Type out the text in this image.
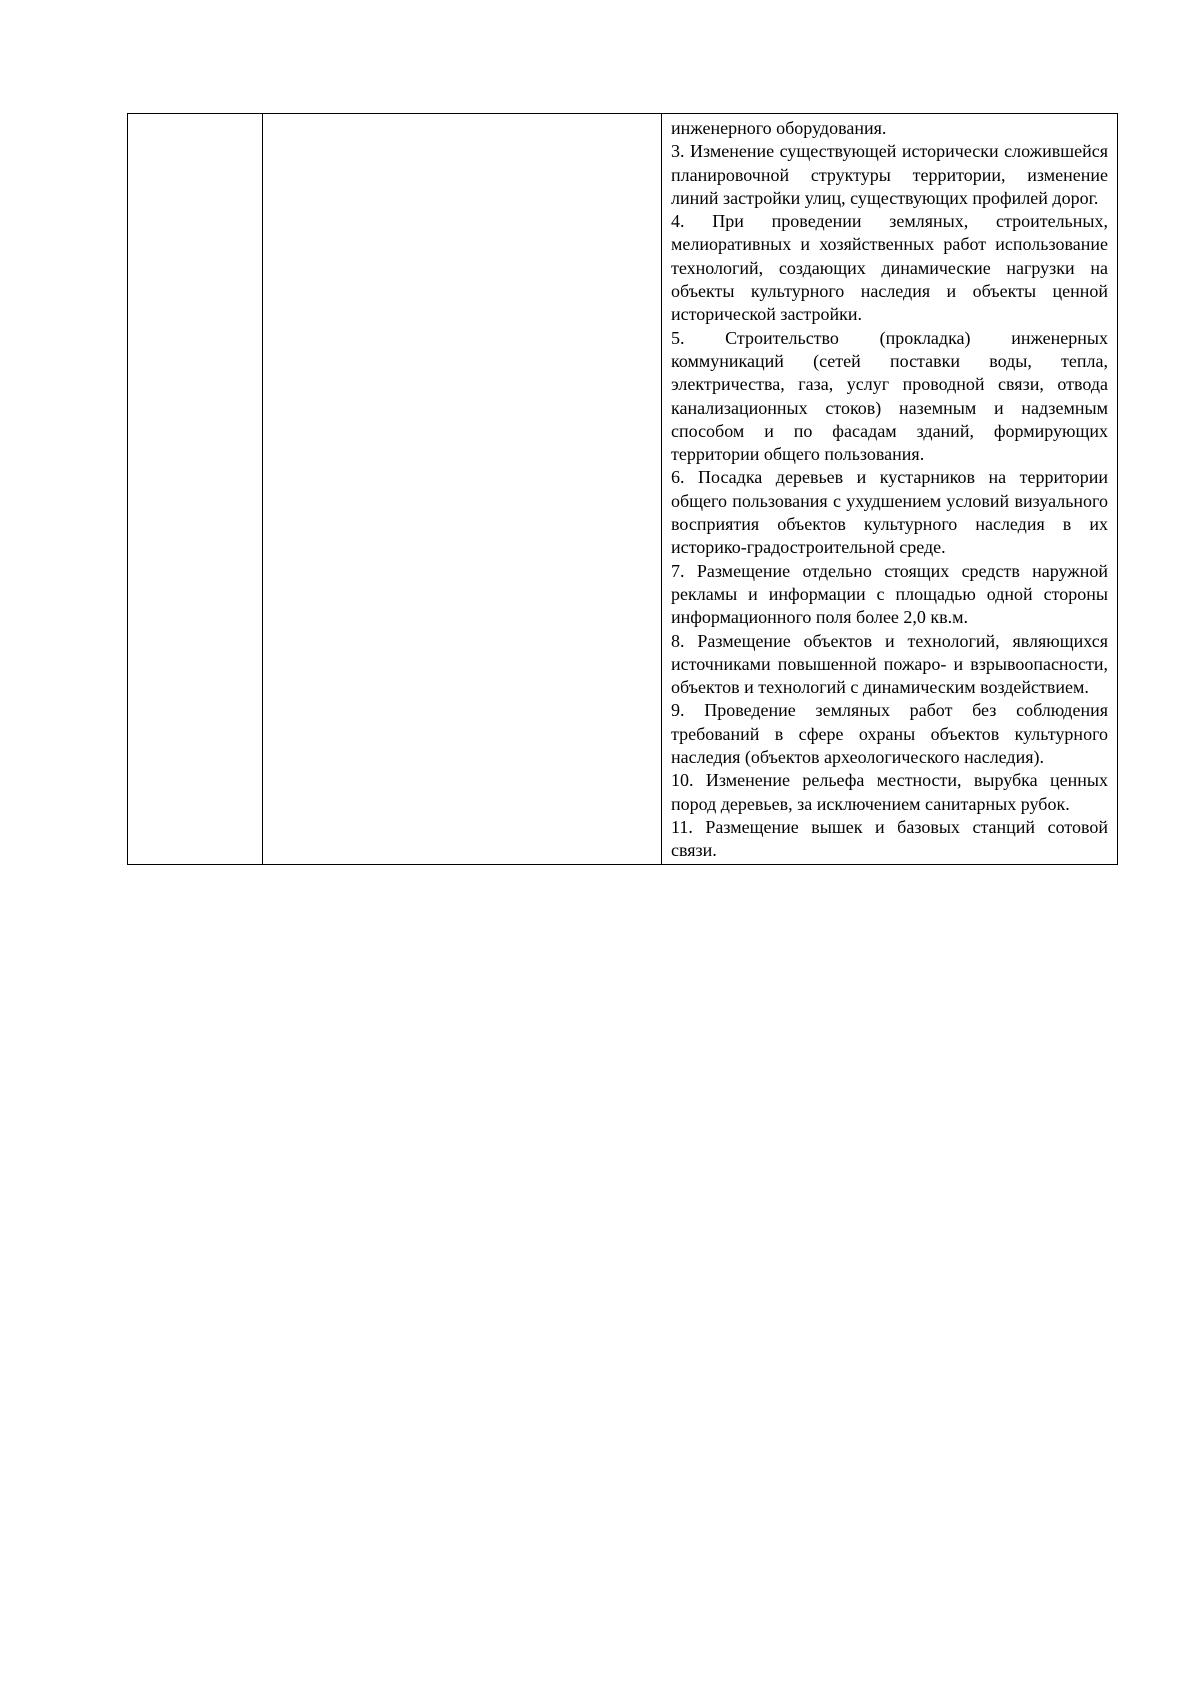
инженерного оборудования.

3. Изменение существующей исторически сложившейся планировочной структуры территории, изменение линий застройки улиц, существующих профилей дорог.

4. При проведении земляных, строительных, мелиоративных и хозяйственных работ использование технологий, создающих динамические нагрузки на объекты культурного наследия и объекты ценной исторической застройки.

5. Строительство (прокладка) инженерных коммуникаций (сетей поставки воды, тепла, электричества, газа, услуг проводной связи, отвода канализационных стоков) наземным и надземным способом и по фасадам зданий, формирующих территории общего пользования.

6. Посадка деревьев и кустарников на территории общего пользования с ухудшением условий визуального восприятия объектов культурного наследия в их историко-градостроительной среде.

7. Размещение отдельно стоящих средств наружной рекламы и информации с площадью одной стороны информационного поля более 2,0 кв.м.

8. Размещение объектов и технологий, являющихся источниками повышенной пожаро- и взрывоопасности, объектов и технологий с динамическим воздействием.

9. Проведение земляных работ без соблюдения требований в сфере охраны объектов культурного наследия (объектов археологического наследия).

10. Изменение рельефа местности, вырубка ценных пород деревьев, за исключением санитарных рубок.

11. Размещение вышек и базовых станций сотовой связи.
